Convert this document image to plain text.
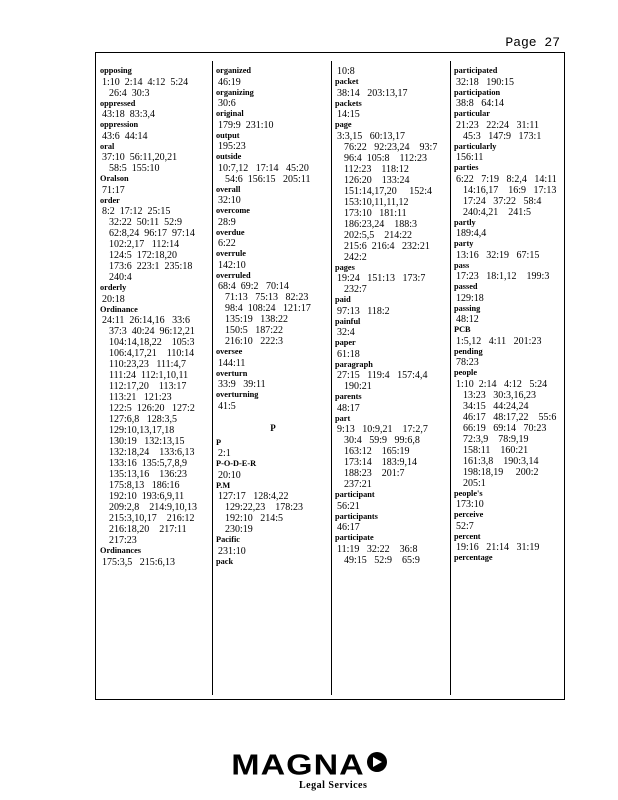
Page 27
opposing
1:10  2:14  4:12  5:24
26:4  30:3
oppressed
43:18  83:3,4
oppression
43:6  44:14
oral
37:10  56:11,20,21
58:5  155:10
Oralson
71:17
order
8:2  17:12  25:15
32:22  50:11  52:9
62:8,24  96:17  97:14
102:2,17   112:14
124:5  172:18,20
173:6  223:1  235:18
240:4
orderly
20:18
Ordinance
24:11  26:14,16   33:6
37:3  40:24  96:12,21
104:14,18,22    105:3
106:4,17,21    110:14
110:23,23   111:4,7
111:24  112:1,10,11
112:17,20    113:17
113:21   121:23
122:5  126:20   127:2
127:6,8   128:3,5
129:10,13,17,18
130:19   132:13,15
132:18,24    133:6,13
133:16  135:5,7,8,9
135:13,16    136:23
175:8,13   186:16
192:10  193:6,9,11
209:2,8    214:9,10,13
215:3,10,17    216:12
216:18,20    217:11
217:23
Ordinances
175:3,5   215:6,13
organized
46:19
organizing
30:6
original
179:9  231:10
output
195:23
outside
10:7,12   17:14   45:20
54:6  156:15   205:11
overall
32:10
overcome
28:9
overdue
6:22
overrule
142:10
overruled
68:4  69:2   70:14
71:13   75:13   82:23
98:4  108:24   121:17
135:19   138:22
150:5   187:22
216:10   222:3
oversee
144:11
overturn
33:9   39:11
overturning
41:5
P
P
2:1
P-O-D-E-R
20:10
P.M
127:17   128:4,22
129:22,23    178:23
192:10   214:5
230:19
Pacific
231:10
pack
10:8
packet
38:14   203:13,17
packets
14:15
page
3:3,15   60:13,17
76:22   92:23,24    93:7
96:4  105:8    112:23
112:23    118:12
126:20    133:24
151:14,17,20     152:4
153:10,11,11,12
173:10   181:11
186:23,24    188:3
202:5,5    214:22
215:6  216:4   232:21
242:2
pages
19:24   151:13   173:7
232:7
paid
97:13   118:2
painful
32:4
paper
61:18
paragraph
27:15   119:4   157:4,4
190:21
parents
48:17
part
9:13   10:9,21    17:2,7
30:4   59:9   99:6,8
163:12    165:19
173:14    183:9,14
188:23    201:7
237:21
participant
56:21
participants
46:17
participate
11:19   32:22    36:8
49:15   52:9    65:9
participated
32:18   190:15
participation
38:8   64:14
particular
21:23   22:24   31:11
45:3   147:9   173:1
particularly
156:11
parties
6:22   7:19   8:2,4   14:11
14:16,17    16:9   17:13
17:24   37:22   58:4
240:4,21    241:5
partly
189:4,4
party
13:16   32:19   67:15
pass
17:23   18:1,12    199:3
passed
129:18
passing
48:12
PCB
1:5,12   4:11   201:23
pending
78:23
people
1:10  2:14   4:12   5:24
13:23   30:3,16,23
34:15   44:24,24
46:17   48:17,22    55:6
66:19   69:14   70:23
72:3,9    78:9,19
158:11    160:21
161:3,8    190:3,14
198:18,19     200:2
205:1
people's
173:10
perceive
52:7
percent
19:16   21:14   31:19
percentage
MAGNA
Legal Services
